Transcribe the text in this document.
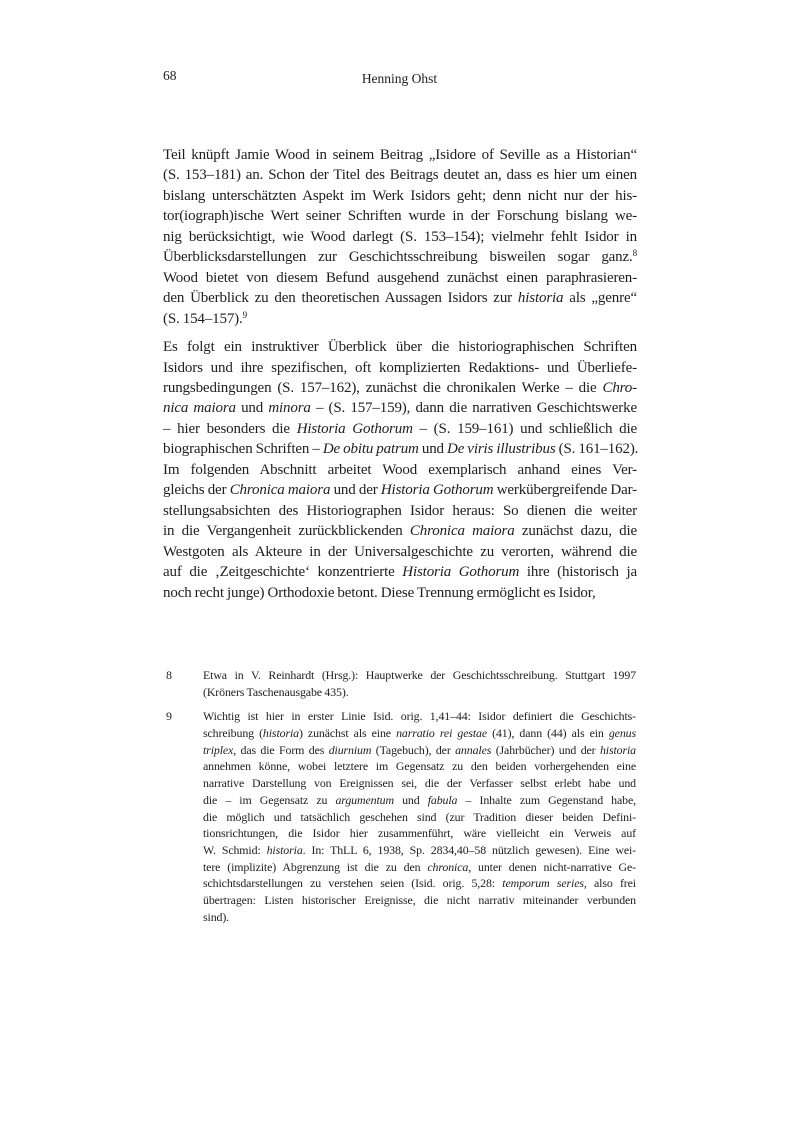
68	Henning Ohst
Teil knüpft Jamie Wood in seinem Beitrag „Isidore of Seville as a Historian“
(S. 153–181) an. Schon der Titel des Beitrags deutet an, dass es hier um einen
bislang unterschätzten Aspekt im Werk Isidors geht; denn nicht nur der his-
tor(iograph)ische Wert seiner Schriften wurde in der Forschung bislang we-
nig berücksichtigt, wie Wood darlegt (S. 153–154); vielmehr fehlt Isidor in
Überblicksdarstellungen zur Geschichtsschreibung bisweilen sogar ganz.$^8$
Wood bietet von diesem Befund ausgehend zunächst einen paraphrasieren-
den Überblick zu den theoretischen Aussagen Isidors zur historia als „genre“
(S. 154–157).$^9$
Es folgt ein instruktiver Überblick über die historiographischen Schriften
Isidors und ihre spezifischen, oft komplizierten Redaktions- und Überliefe-
rungsbedingungen (S. 157–162), zunächst die chronikalen Werke – die Chro-
nica maiora und minora – (S. 157–159), dann die narrativen Geschichtswerke
– hier besonders die Historia Gothorum – (S. 159–161) und schließlich die
biographischen Schriften – De obitu patrum und De viris illustribus (S. 161–162).
Im folgenden Abschnitt arbeitet Wood exemplarisch anhand eines Ver-
gleichs der Chronica maiora und der Historia Gothorum werkübergreifende Dar-
stellungsabsichten des Historiographen Isidor heraus: So dienen die weiter
in die Vergangenheit zurückblickenden Chronica maiora zunächst dazu, die
Westgoten als Akteure in der Universalgeschichte zu verorten, während die
auf die ‚Zeitgeschichte‘ konzentrierte Historia Gothorum ihre (historisch ja
noch recht junge) Orthodoxie betont. Diese Trennung ermöglicht es Isidor,
8	Etwa in V. Reinhardt (Hrsg.): Hauptwerke der Geschichtsschreibung. Stuttgart 1997
(Kröners Taschenausgabe 435).
9	Wichtig ist hier in erster Linie Isid. orig. 1,41–44: Isidor definiert die Geschichts-
schreibung (historia) zunächst als eine narratio rei gestae (41), dann (44) als ein genus
triplex, das die Form des diurnium (Tagebuch), der annales (Jahrbücher) und der historia
annehmen könne, wobei letztere im Gegensatz zu den beiden vorhergehenden eine
narrative Darstellung von Ereignissen sei, die der Verfasser selbst erlebt habe und
die – im Gegensatz zu argumentum und fabula – Inhalte zum Gegenstand habe,
die möglich und tatsächlich geschehen sind (zur Tradition dieser beiden Defini-
tionsrichtungen, die Isidor hier zusammenführt, wäre vielleicht ein Verweis auf
W. Schmid: historia. In: ThLL 6, 1938, Sp. 2834,40–58 nützlich gewesen). Eine wei-
tere (implizite) Abgrenzung ist die zu den chronica, unter denen nicht-narrative Ge-
schichtsdarstellungen zu verstehen seien (Isid. orig. 5,28: temporum series, also frei
übertragen: Listen historischer Ereignisse, die nicht narrativ miteinander verbunden
sind).
